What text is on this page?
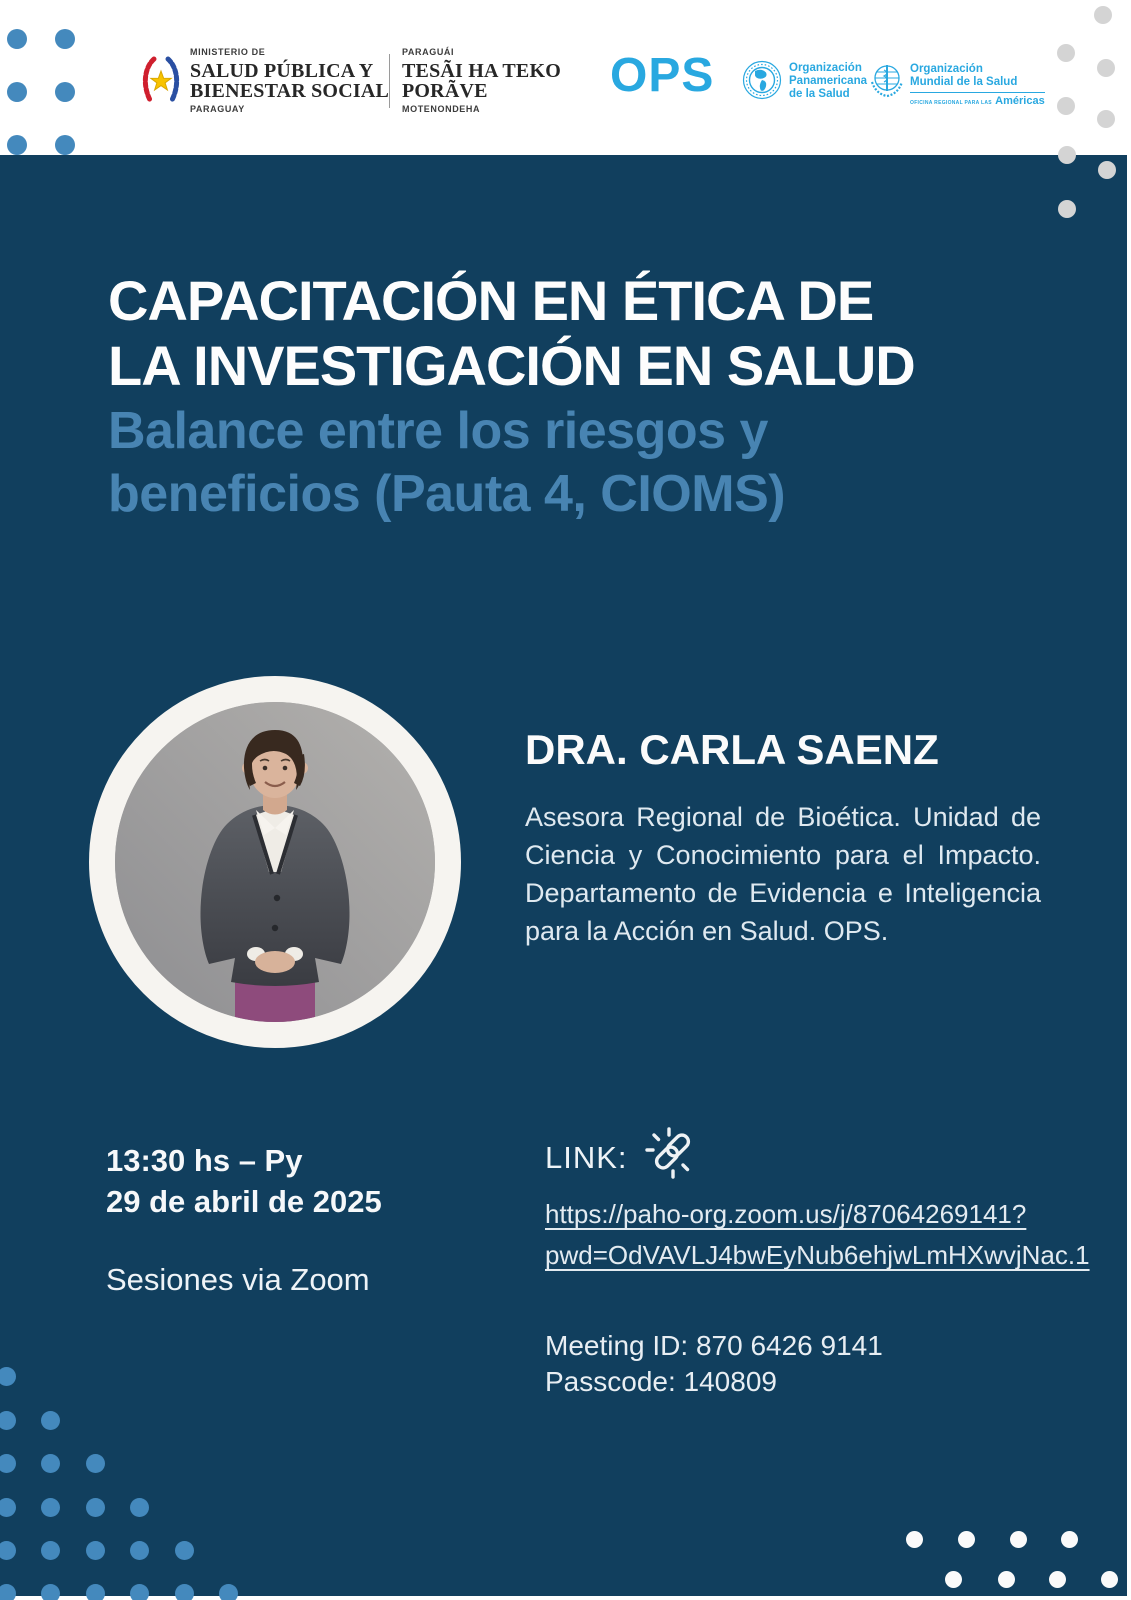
MINISTERIO DE
SALUD PÚBLICA Y
BIENESTAR SOCIAL
PARAGUAY
PARAGUÁI
TESÃI HA TEKO
PORÃVE
MOTENONDEHA
OPS	Organización
Panamericana
de la Salud
Organización
Mundial de la Salud
OFICINA REGIONAL PARA LAS Américas
CAPACITACIÓN EN ÉTICA DE
LA INVESTIGACIÓN EN SALUD
Balance entre los riesgos y
beneficios (Pauta 4, CIOMS)
DRA. CARLA SAENZ
Asesora Regional de Bioética. Unidad de Ciencia y Conocimiento para el Impacto. Departamento de Evidencia e Inteligencia para la Acción en Salud. OPS.
13:30 hs – Py
29 de abril de 2025
Sesiones via Zoom
LINK:
https://paho-org.zoom.us/j/87064269141?
pwd=OdVAVLJ4bwEyNub6ehjwLmHXwvjNac.1
Meeting ID: 870 6426 9141
Passcode: 140809
